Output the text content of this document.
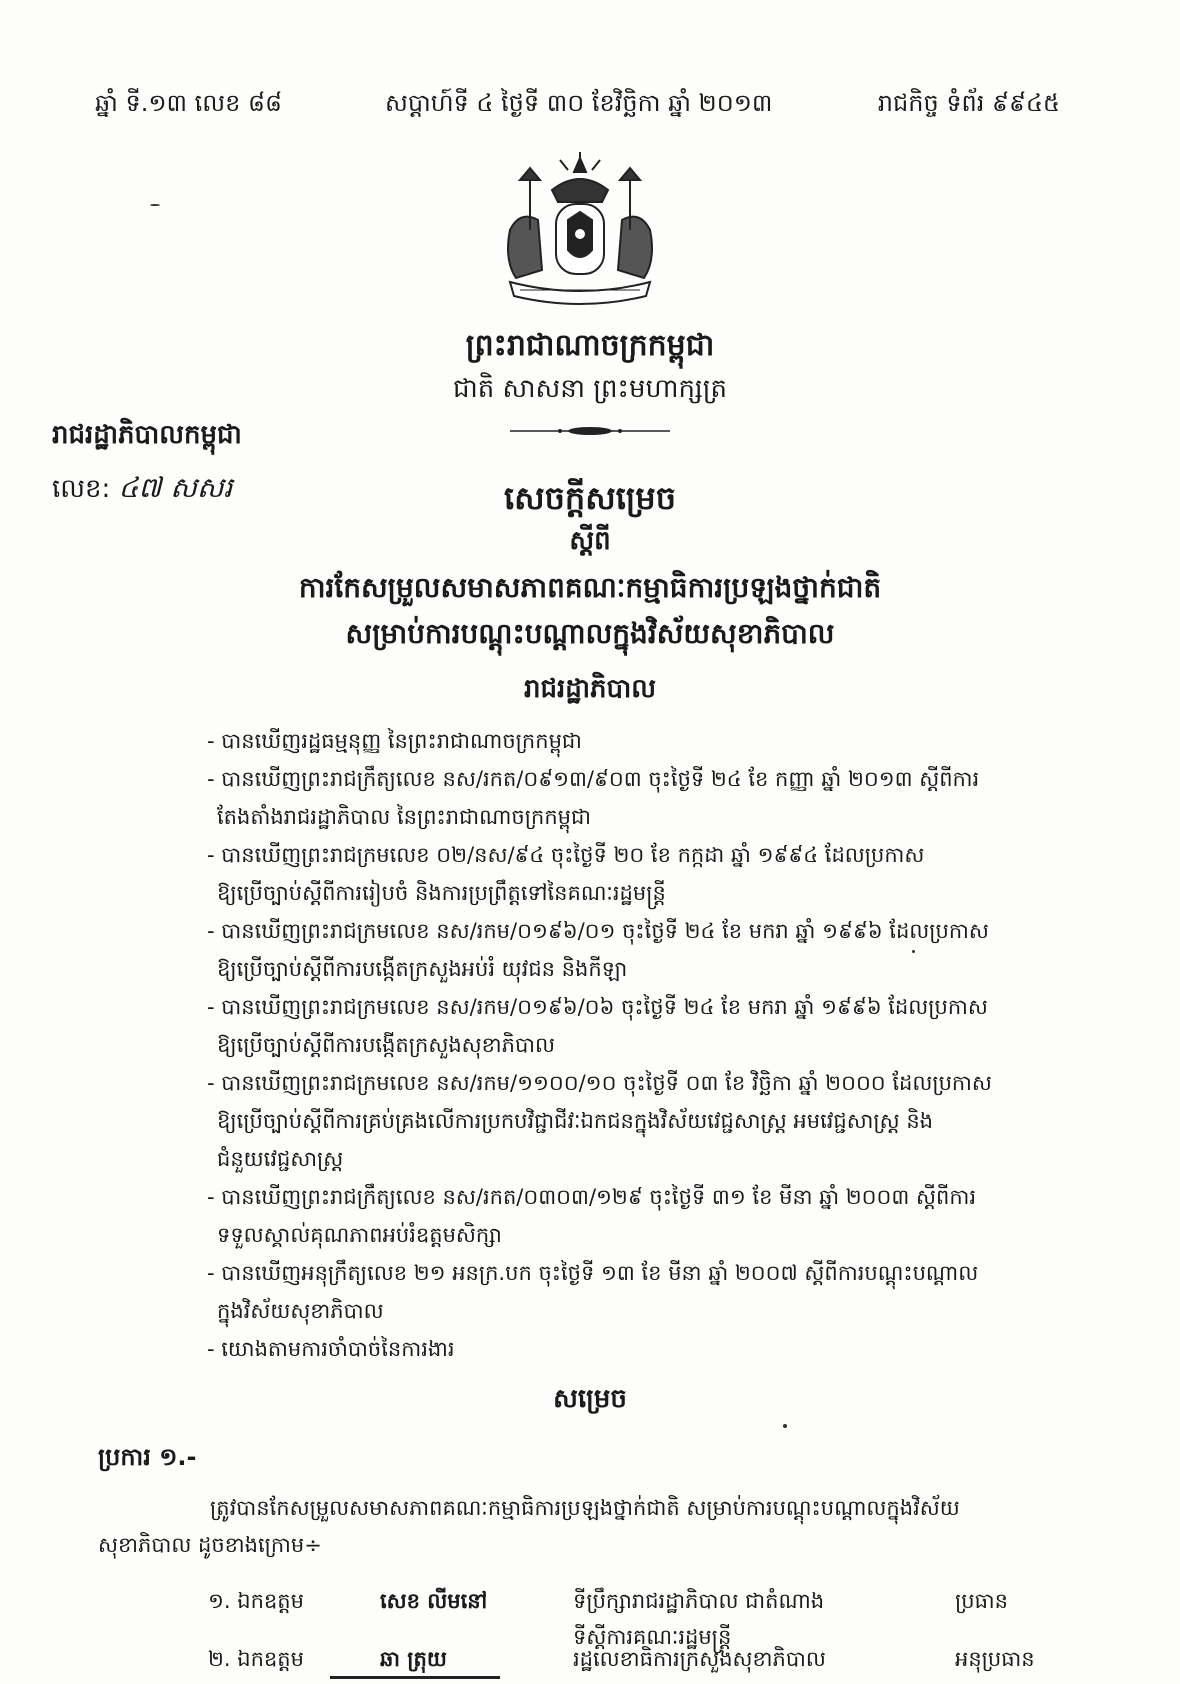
ឆ្នាំ ទី.១៣ លេខ ៨៨	សប្តាហ៍ទី ៤ ថ្ងៃទី ៣០ ខែវិច្ឆិកា ឆ្នាំ ២០១៣	រាជកិច្ច ទំព័រ ៩៩៤៥
ព្រះរាជាណាចក្រកម្ពុជា
ជាតិ សាសនា ព្រះមហាក្សត្រ
រាជរដ្ឋាភិបាលកម្ពុជា
លេខ: ៤៧ សសរ	សេចក្តីសម្រេច
ស្តីពី
ការកែសម្រួលសមាសភាពគណៈកម្មាធិការប្រឡងថ្នាក់ជាតិ
សម្រាប់ការបណ្តុះបណ្តាលក្នុងវិស័យសុខាភិបាល
រាជរដ្ឋាភិបាល
- បានឃើញរដ្ឋធម្មនុញ្ញ នៃព្រះរាជាណាចក្រកម្ពុជា
- បានឃើញព្រះរាជក្រឹត្យលេខ នស/រកត/០៩១៣/៩០៣ ចុះថ្ងៃទី ២៤ ខែ កញ្ញា ឆ្នាំ ២០១៣ ស្តីពីការ
តែងតាំងរាជរដ្ឋាភិបាល នៃព្រះរាជាណាចក្រកម្ពុជា
- បានឃើញព្រះរាជក្រមលេខ ០២/នស/៩៤ ចុះថ្ងៃទី ២០ ខែ កក្កដា ឆ្នាំ ១៩៩៤ ដែលប្រកាស
ឱ្យប្រើច្បាប់ស្តីពីការរៀបចំ និងការប្រព្រឹត្តទៅនៃគណៈរដ្ឋមន្ត្រី
- បានឃើញព្រះរាជក្រមលេខ នស/រកម/០១៩៦/០១ ចុះថ្ងៃទី ២៤ ខែ មករា ឆ្នាំ ១៩៩៦ ដែលប្រកាស
ឱ្យប្រើច្បាប់ស្តីពីការបង្កើតក្រសួងអប់រំ យុវជន និងកីឡា
- បានឃើញព្រះរាជក្រមលេខ នស/រកម/០១៩៦/០៦ ចុះថ្ងៃទី ២៤ ខែ មករា ឆ្នាំ ១៩៩៦ ដែលប្រកាស
ឱ្យប្រើច្បាប់ស្តីពីការបង្កើតក្រសួងសុខាភិបាល
- បានឃើញព្រះរាជក្រមលេខ នស/រកម/១១០០/១០ ចុះថ្ងៃទី ០៣ ខែ វិច្ឆិកា ឆ្នាំ ២០០០ ដែលប្រកាស
ឱ្យប្រើច្បាប់ស្តីពីការគ្រប់គ្រងលើការប្រកបវិជ្ជាជីវៈឯកជនក្នុងវិស័យវេជ្ជសាស្ត្រ អមវេជ្ជសាស្ត្រ និង
ជំនួយវេជ្ជសាស្ត្រ
- បានឃើញព្រះរាជក្រឹត្យលេខ នស/រកត/០៣០៣/១២៩ ចុះថ្ងៃទី ៣១ ខែ មីនា ឆ្នាំ ២០០៣ ស្តីពីការ
ទទួលស្គាល់គុណភាពអប់រំឧត្តមសិក្សា
- បានឃើញអនុក្រឹត្យលេខ ២១ អនក្រ.បក ចុះថ្ងៃទី ១៣ ខែ មីនា ឆ្នាំ ២០០៧ ស្តីពីការបណ្តុះបណ្តាល
ក្នុងវិស័យសុខាភិបាល
- យោងតាមការចាំបាច់នៃការងារ
សម្រេច
ប្រការ ១.-
ត្រូវបានកែសម្រួលសមាសភាពគណៈកម្មាធិការប្រឡងថ្នាក់ជាតិ សម្រាប់ការបណ្តុះបណ្តាលក្នុងវិស័យ
សុខាភិបាល ដូចខាងក្រោម÷
១. ឯកឧត្តម	សេខ លីមនៅ	ទីប្រឹក្សារាជរដ្ឋាភិបាល ជាតំណាង	ប្រធាន
ទីស្តីការគណៈរដ្ឋមន្ត្រី
២. ឯកឧត្តម	ឆា ត្រុយ	រដ្ឋលេខាធិការក្រសួងសុខាភិបាល	អនុប្រធាន
